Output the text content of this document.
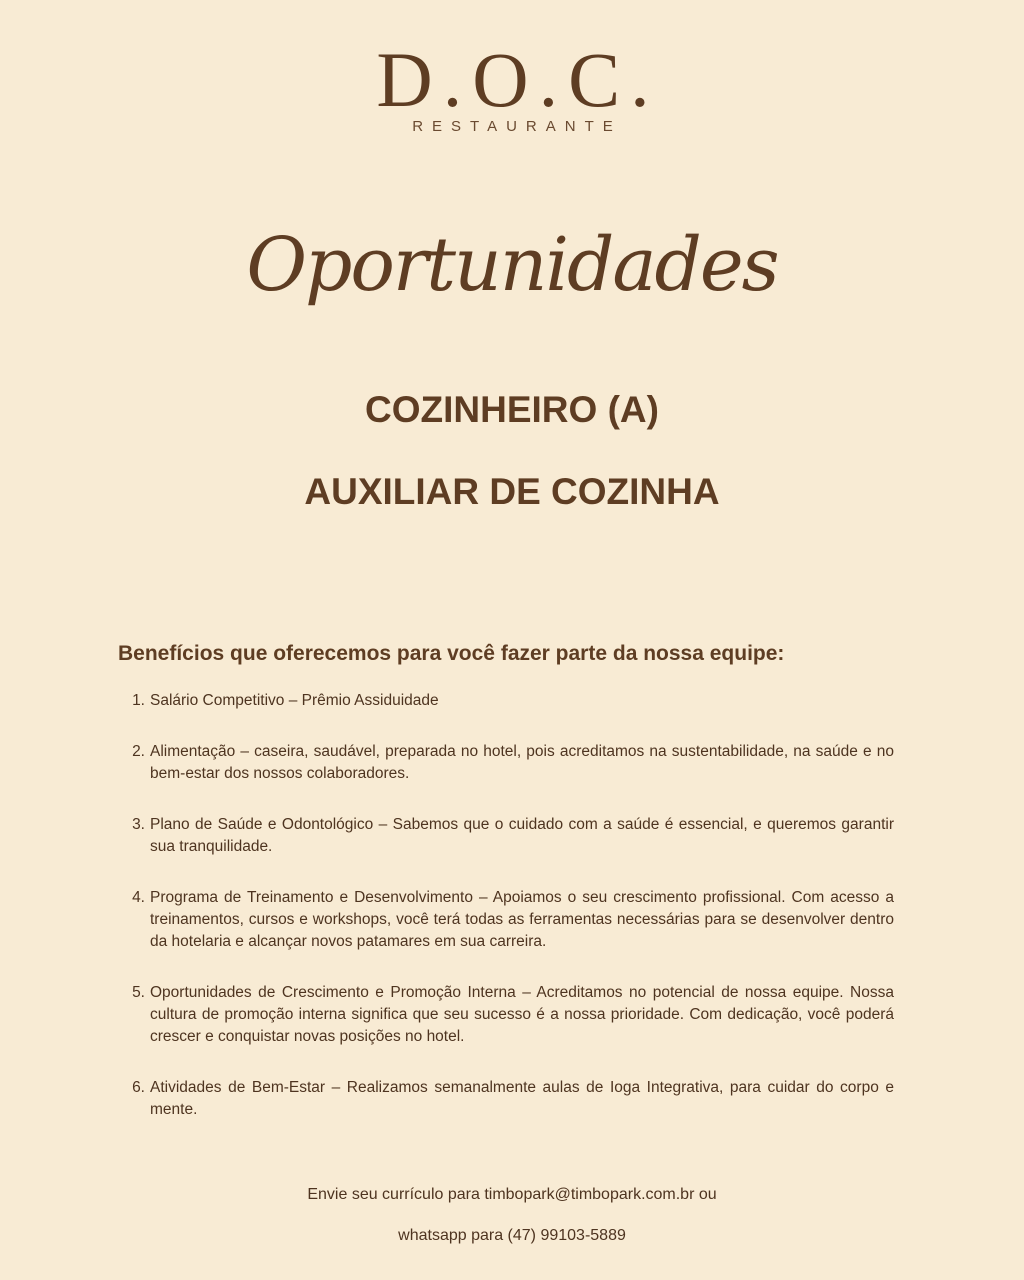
D.O.C.
RESTAURANTE
Oportunidades
COZINHEIRO (A)
AUXILIAR DE COZINHA
Benefícios que oferecemos para você fazer parte da nossa equipe:
1. Salário Competitivo – Prêmio Assiduidade
2. Alimentação – caseira, saudável, preparada no hotel, pois acreditamos na sustentabilidade, na saúde e no bem-estar dos nossos colaboradores.
3. Plano de Saúde e Odontológico – Sabemos que o cuidado com a saúde é essencial, e queremos garantir sua tranquilidade.
4. Programa de Treinamento e Desenvolvimento – Apoiamos o seu crescimento profissional. Com acesso a treinamentos, cursos e workshops, você terá todas as ferramentas necessárias para se desenvolver dentro da hotelaria e alcançar novos patamares em sua carreira.
5. Oportunidades de Crescimento e Promoção Interna – Acreditamos no potencial de nossa equipe. Nossa cultura de promoção interna significa que seu sucesso é a nossa prioridade. Com dedicação, você poderá crescer e conquistar novas posições no hotel.
6. Atividades de Bem-Estar – Realizamos semanalmente aulas de Ioga Integrativa, para cuidar do corpo e mente.
Envie seu currículo para timbopark@timbopark.com.br ou
whatsapp para (47) 99103-5889
